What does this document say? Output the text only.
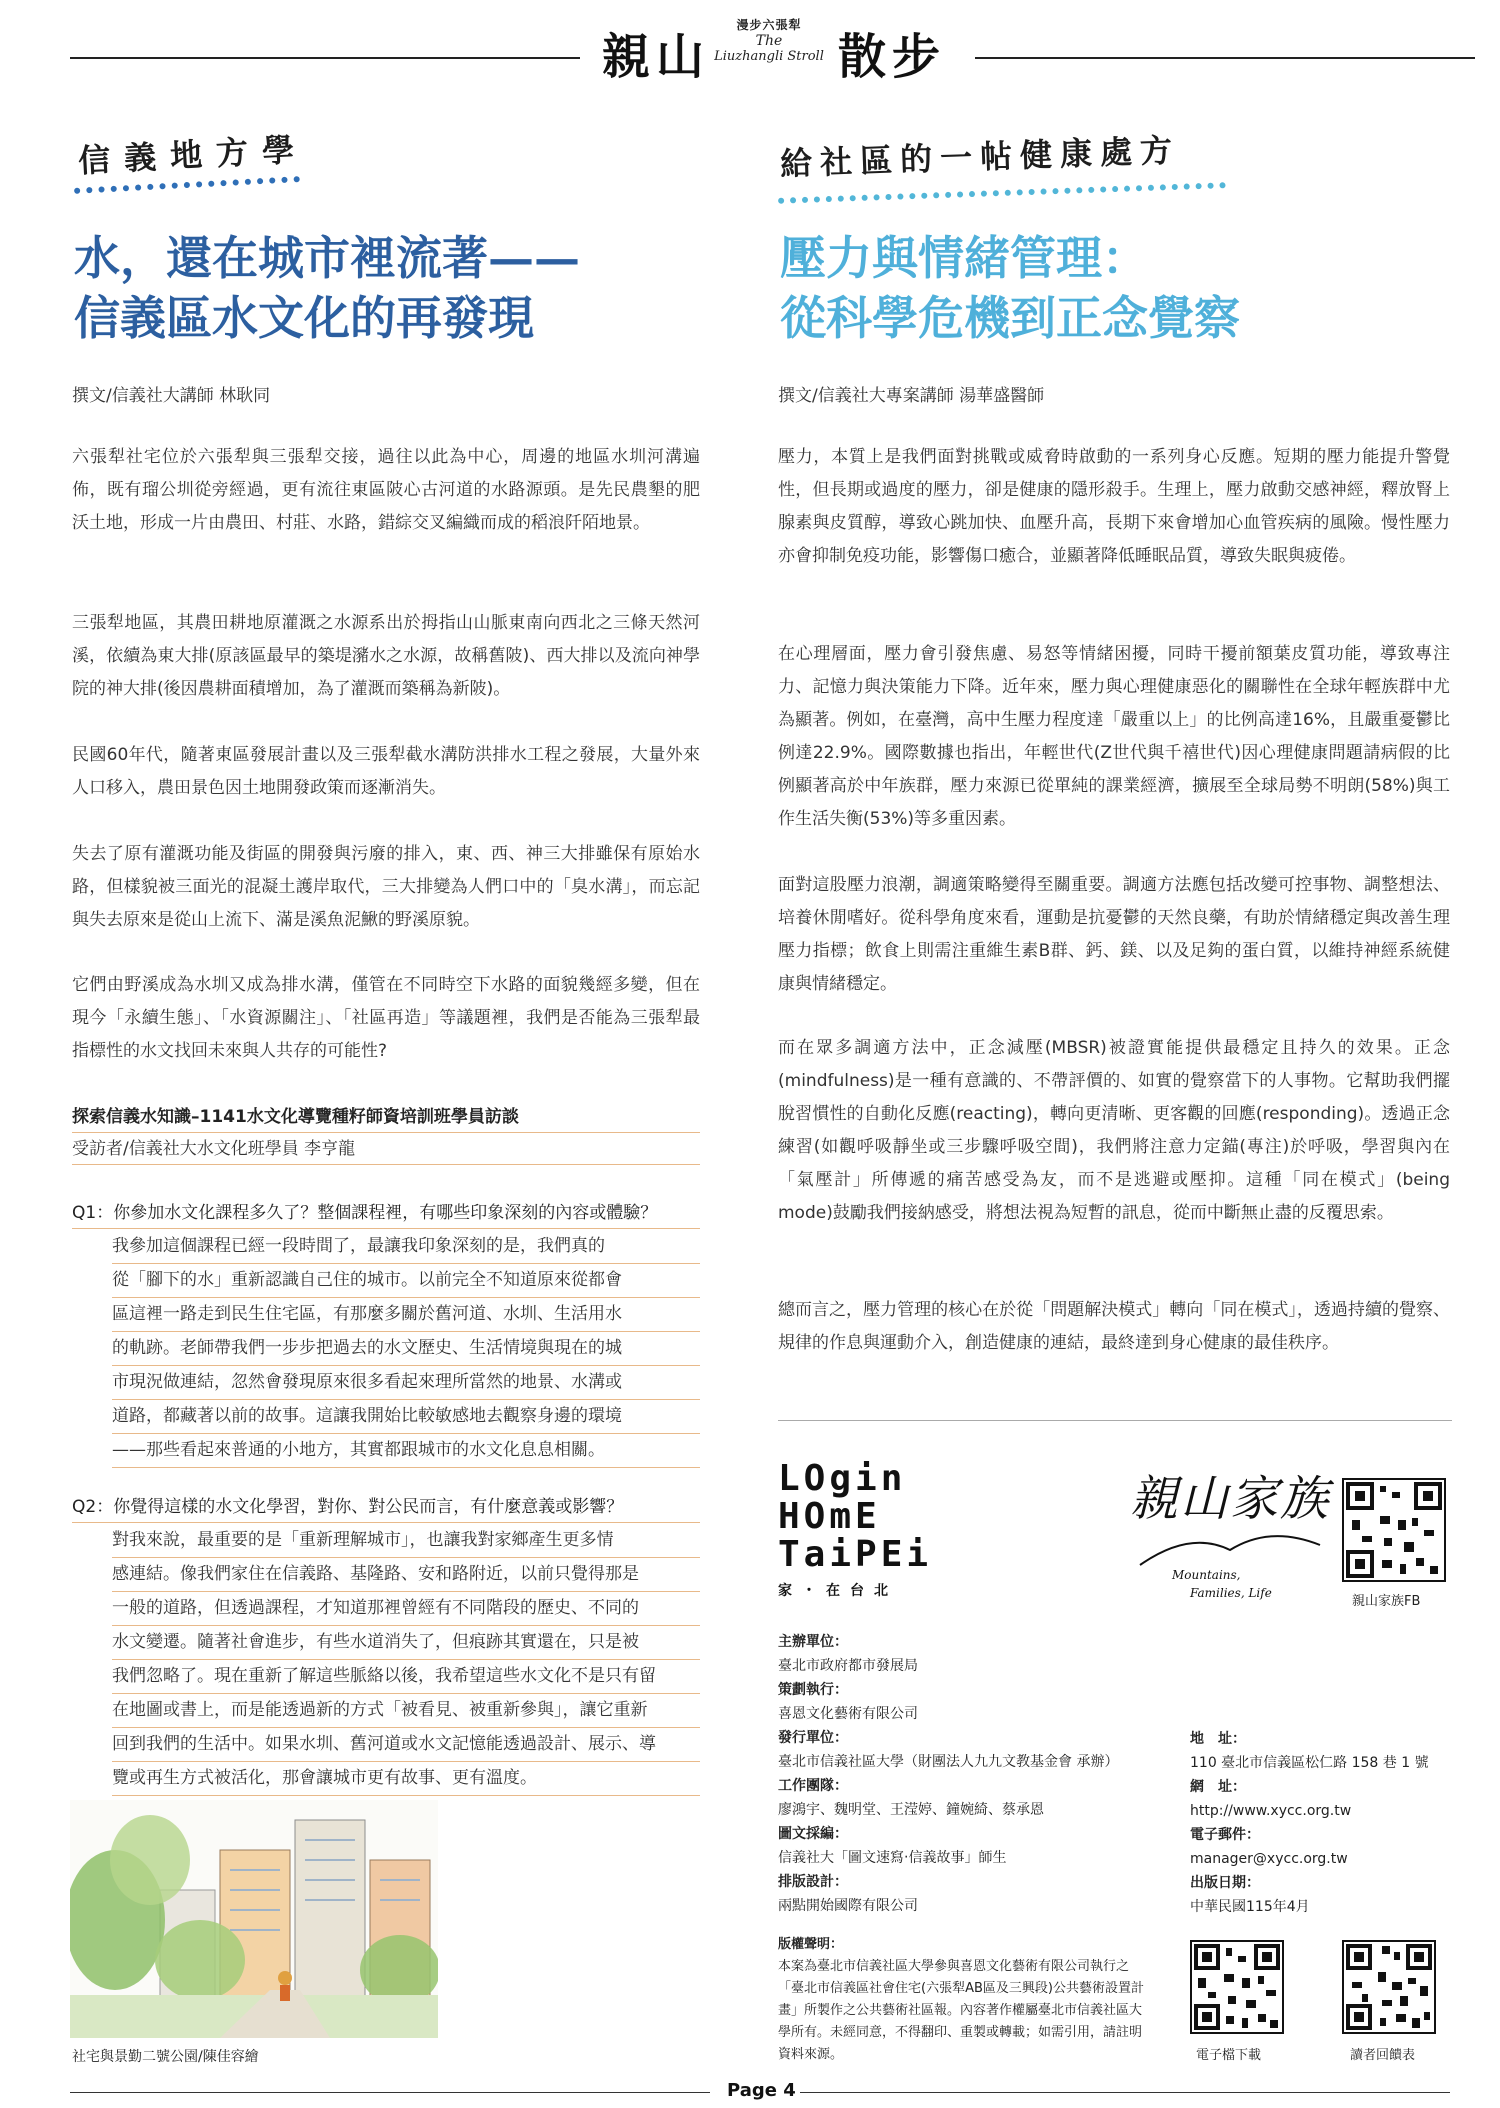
親山
漫步六張犁
The
Liuzhangli Stroll 散步
信義地方學
水，還在城市裡流著——
信義區水文化的再發現
撰文/信義社大講師 林耿同
六張犁社宅位於六張犁與三張犁交接，過往以此為中心，周邊的地區水圳河溝遍佈，既有瑠公圳從旁經過，更有流往東區陂心古河道的水路源頭。是先民農墾的肥沃土地，形成一片由農田、村莊、水路，錯綜交叉編織而成的稻浪阡陌地景。
三張犁地區，其農田耕地原灌溉之水源系出於拇指山山脈東南向西北之三條天然河溪，依續為東大排(原該區最早的築堤瀦水之水源，故稱舊陂)、西大排以及流向神學院的神大排(後因農耕面積增加，為了灌溉而築稱為新陂)。
民國60年代，隨著東區發展計畫以及三張犁截水溝防洪排水工程之發展，大量外來人口移入，農田景色因土地開發政策而逐漸消失。
失去了原有灌溉功能及街區的開發與污廢的排入，東、西、神三大排雖保有原始水路，但樣貌被三面光的混凝土護岸取代，三大排變為人們口中的「臭水溝」，而忘記與失去原來是從山上流下、滿是溪魚泥鰍的野溪原貌。
它們由野溪成為水圳又成為排水溝，僅管在不同時空下水路的面貌幾經多變，但在現今「永續生態」、「水資源關注」、「社區再造」等議題裡，我們是否能為三張犁最指標性的水文找回未來與人共存的可能性?
探索信義水知識–1141水文化導覽種籽師資培訓班學員訪談
受訪者/信義社大水文化班學員 李亨龍
Q1：你參加水文化課程多久了？整個課程裡，有哪些印象深刻的內容或體驗？
我參加這個課程已經一段時間了，最讓我印象深刻的是，我們真的
從「腳下的水」重新認識自己住的城市。以前完全不知道原來從都會
區這裡一路走到民生住宅區，有那麼多關於舊河道、水圳、生活用水
的軌跡。老師帶我們一步步把過去的水文歷史、生活情境與現在的城
市現況做連結，忽然會發現原來很多看起來理所當然的地景、水溝或
道路，都藏著以前的故事。這讓我開始比較敏感地去觀察身邊的環境
——那些看起來普通的小地方，其實都跟城市的水文化息息相關。
Q2：你覺得這樣的水文化學習，對你、對公民而言，有什麼意義或影響？
對我來說，最重要的是「重新理解城市」，也讓我對家鄉產生更多情
感連結。像我們家住在信義路、基隆路、安和路附近，以前只覺得那是
一般的道路，但透過課程，才知道那裡曾經有不同階段的歷史、不同的
水文變遷。隨著社會進步，有些水道消失了，但痕跡其實還在，只是被
我們忽略了。現在重新了解這些脈絡以後，我希望這些水文化不是只有留
在地圖或書上，而是能透過新的方式「被看見、被重新參與」，讓它重新
回到我們的生活中。如果水圳、舊河道或水文記憶能透過設計、展示、導
覽或再生方式被活化，那會讓城市更有故事、更有溫度。
社宅與景勤二號公園/陳佳容繪
給社區的一帖健康處方
壓力與情緒管理：
從科學危機到正念覺察
撰文/信義社大專案講師 湯華盛醫師
壓力，本質上是我們面對挑戰或威脅時啟動的一系列身心反應。短期的壓力能提升警覺性，但長期或過度的壓力，卻是健康的隱形殺手。生理上，壓力啟動交感神經，釋放腎上腺素與皮質醇，導致心跳加快、血壓升高，長期下來會增加心血管疾病的風險。慢性壓力亦會抑制免疫功能，影響傷口癒合，並顯著降低睡眠品質，導致失眠與疲倦。
在心理層面，壓力會引發焦慮、易怒等情緒困擾，同時干擾前額葉皮質功能，導致專注力、記憶力與決策能力下降。近年來，壓力與心理健康惡化的關聯性在全球年輕族群中尤為顯著。例如，在臺灣，高中生壓力程度達「嚴重以上」的比例高達16%，且嚴重憂鬱比例達22.9%。國際數據也指出，年輕世代(Z世代與千禧世代)因心理健康問題請病假的比例顯著高於中年族群，壓力來源已從單純的課業經濟，擴展至全球局勢不明朗(58%)與工作生活失衡(53%)等多重因素。
面對這股壓力浪潮，調適策略變得至關重要。調適方法應包括改變可控事物、調整想法、培養休閒嗜好。從科學角度來看，運動是抗憂鬱的天然良藥，有助於情緒穩定與改善生理壓力指標；飲食上則需注重維生素B群、鈣、鎂、以及足夠的蛋白質，以維持神經系統健康與情緒穩定。
而在眾多調適方法中，正念減壓(MBSR)被證實能提供最穩定且持久的效果。正念(mindfulness)是一種有意識的、不帶評價的、如實的覺察當下的人事物。它幫助我們擺脫習慣性的自動化反應(reacting)，轉向更清晰、更客觀的回應(responding)。透過正念練習(如觀呼吸靜坐或三步驟呼吸空間)，我們將注意力定錨(專注)於呼吸，學習與內在「氣壓計」所傳遞的痛苦感受為友，而不是逃避或壓抑。這種「同在模式」(being mode)鼓勵我們接納感受，將想法視為短暫的訊息，從而中斷無止盡的反覆思索。
總而言之，壓力管理的核心在於從「問題解決模式」轉向「同在模式」，透過持續的覺察、規律的作息與運動介入，創造健康的連結，最終達到身心健康的最佳秩序。
LOgin
HOmE
TaiPEi
家・在台北
親山家族
Mountains,
Families, Life
親山家族FB
主辦單位：
臺北市政府都市發展局
策劃執行：
喜恩文化藝術有限公司
發行單位：
臺北市信義社區大學（財團法人九九文教基金會 承辦）
工作團隊：
廖鴻宇、魏明堂、王滢婷、鐘婉綺、蔡承恩
圖文採編：
信義社大「圖文速寫‧信義故事」師生
排版設計：
兩點開始國際有限公司
地　址：
110 臺北市信義區松仁路 158 巷 1 號
網　址：
http://www.xycc.org.tw
電子郵件：
manager@xycc.org.tw
出版日期：
中華民國115年4月
版權聲明：
本案為臺北市信義社區大學參與喜恩文化藝術有限公司執行之「臺北市信義區社會住宅(六張犁AB區及三興段)公共藝術設置計畫」所製作之公共藝術社區報。內容著作權屬臺北市信義社區大學所有。未經同意，不得翻印、重製或轉載；如需引用，請註明資料來源。	電子檔下載	讀者回饋表
Page 4
